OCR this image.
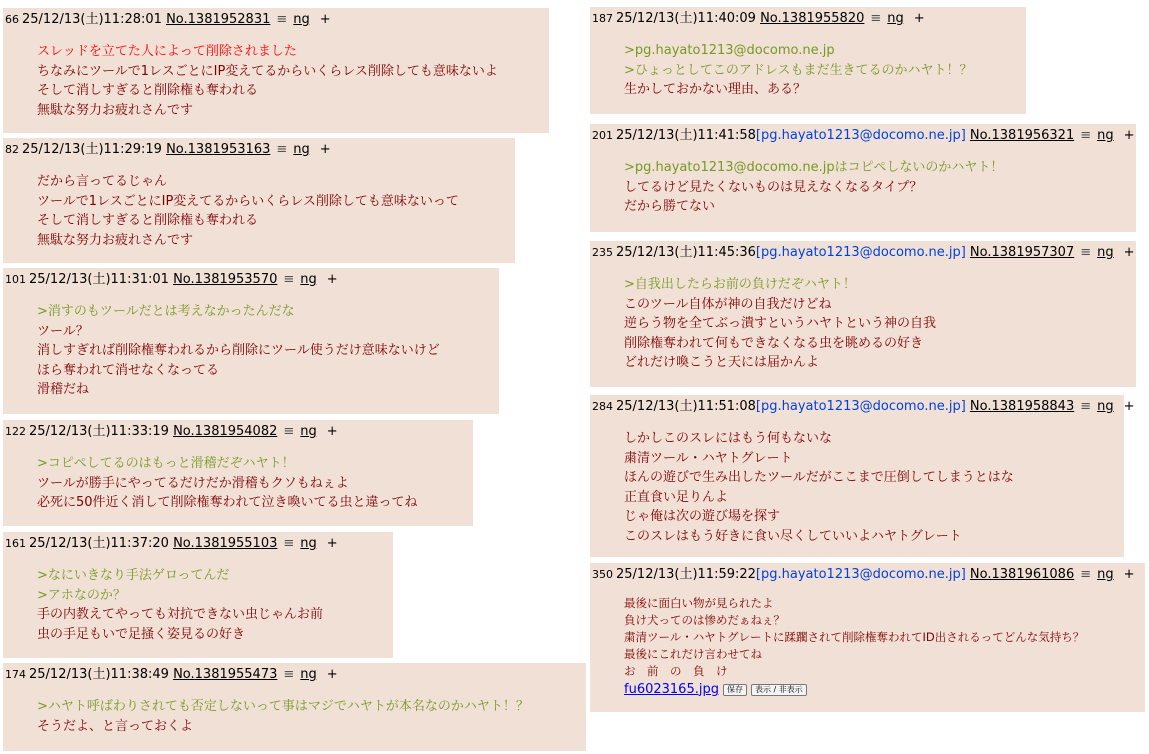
66 25/12/13(土)11:28:01 No.1381952831 ≡ ng +
スレッドを立てた人によって削除されました
ちなみにツールで1レスごとにIP変えてるからいくらレス削除しても意味ないよ
そして消しすぎると削除権も奪われる
無駄な努力お疲れさんです
82 25/12/13(土)11:29:19 No.1381953163 ≡ ng +
だから言ってるじゃん
ツールで1レスごとにIP変えてるからいくらレス削除しても意味ないって
そして消しすぎると削除権も奪われる
無駄な努力お疲れさんです
101 25/12/13(土)11:31:01 No.1381953570 ≡ ng +
>消すのもツールだとは考えなかったんだな
ツール？
消しすぎれば削除権奪われるから削除にツール使うだけ意味ないけど
ほら奪われて消せなくなってる
滑稽だね
122 25/12/13(土)11:33:19 No.1381954082 ≡ ng +
>コピペしてるのはもっと滑稽だぞハヤト！
ツールが勝手にやってるだけだか滑稽もクソもねぇよ
必死に50件近く消して削除権奪われて泣き喚いてる虫と違ってね
161 25/12/13(土)11:37:20 No.1381955103 ≡ ng +
>なにいきなり手法ゲロってんだ
>アホなのか？
手の内教えてやっても対抗できない虫じゃんお前
虫の手足もいで足掻く姿見るの好き
174 25/12/13(土)11:38:49 No.1381955473 ≡ ng +
>ハヤト呼ばわりされても否定しないって事はマジでハヤトが本名なのかハヤト！？
そうだよ、と言っておくよ
187 25/12/13(土)11:40:09 No.1381955820 ≡ ng +
>pg.hayato1213@docomo.ne.jp
>ひょっとしてこのアドレスもまだ生きてるのかハヤト！？
生かしておかない理由、ある？
201 25/12/13(土)11:41:58[pg.hayato1213@docomo.ne.jp] No.1381956321 ≡ ng +
>pg.hayato1213@docomo.ne.jpはコピペしないのかハヤト！
してるけど見たくないものは見えなくなるタイプ？
だから勝てない
235 25/12/13(土)11:45:36[pg.hayato1213@docomo.ne.jp] No.1381957307 ≡ ng +
>自我出したらお前の負けだぞハヤト！
このツール自体が神の自我だけどね
逆らう物を全てぶっ潰すというハヤトという神の自我
削除権奪われて何もできなくなる虫を眺めるの好き
どれだけ喚こうと天には届かんよ
284 25/12/13(土)11:51:08[pg.hayato1213@docomo.ne.jp] No.1381958843 ≡ ng +
しかしこのスレにはもう何もないな
粛清ツール・ハヤトグレート
ほんの遊びで生み出したツールだがここまで圧倒してしまうとはな
正直食い足りんよ
じゃ俺は次の遊び場を探す
このスレはもう好きに食い尽くしていいよハヤトグレート
350 25/12/13(土)11:59:22[pg.hayato1213@docomo.ne.jp] No.1381961086 ≡ ng +
最後に面白い物が見られたよ
負け犬ってのは惨めだぁねぇ？
粛清ツール・ハヤトグレートに蹂躙されて削除権奪われてID出されるってどんな気持ち？
最後にこれだけ言わせてね
お　前　の　負　け
fu6023165.jpg	保存	表示 / 非表示
